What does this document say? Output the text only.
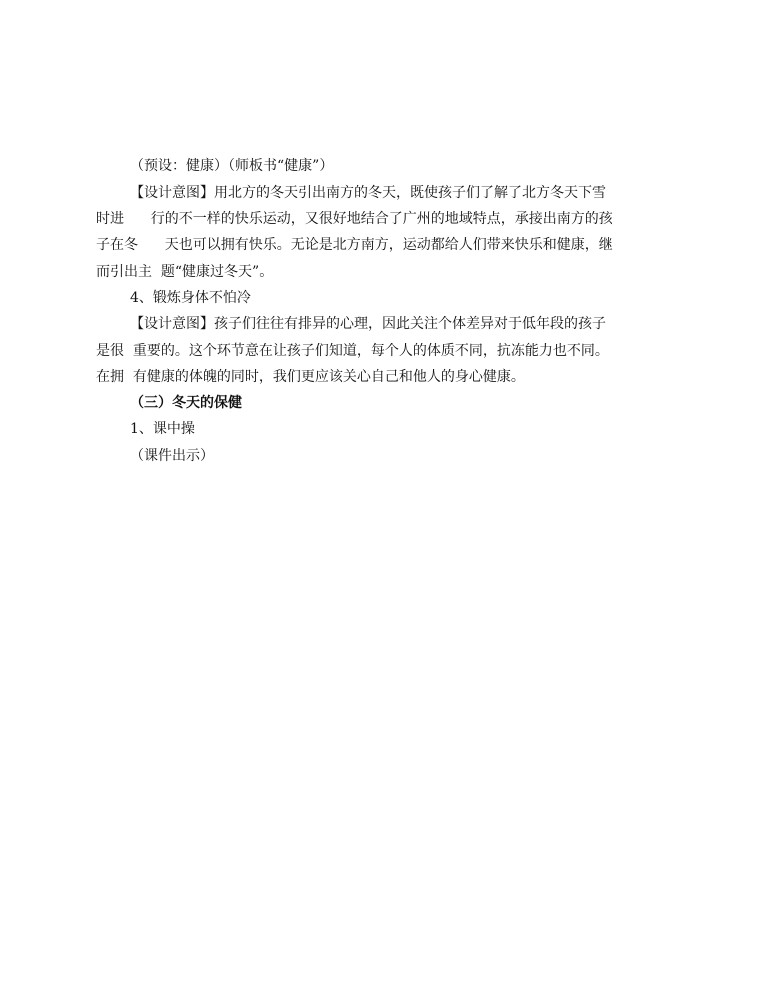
（预设：健康）（师板书“健康”）
【设计意图】用北方的冬天引出南方的冬天，既使孩子们了解了北方冬天下雪
时进      行的不一样的快乐运动，又很好地结合了广州的地域特点，承接出南方的孩
子在冬      天也可以拥有快乐。无论是北方南方，运动都给人们带来快乐和健康，继
而引出主  题“健康过冬天”。
4、锻炼身体不怕冷
【设计意图】孩子们往往有排异的心理，因此关注个体差异对于低年段的孩子
是很  重要的。这个环节意在让孩子们知道，每个人的体质不同，抗冻能力也不同。
在拥  有健康的体魄的同时，我们更应该关心自己和他人的身心健康。
（三）冬天的保健
1、课中操
（课件出示）
